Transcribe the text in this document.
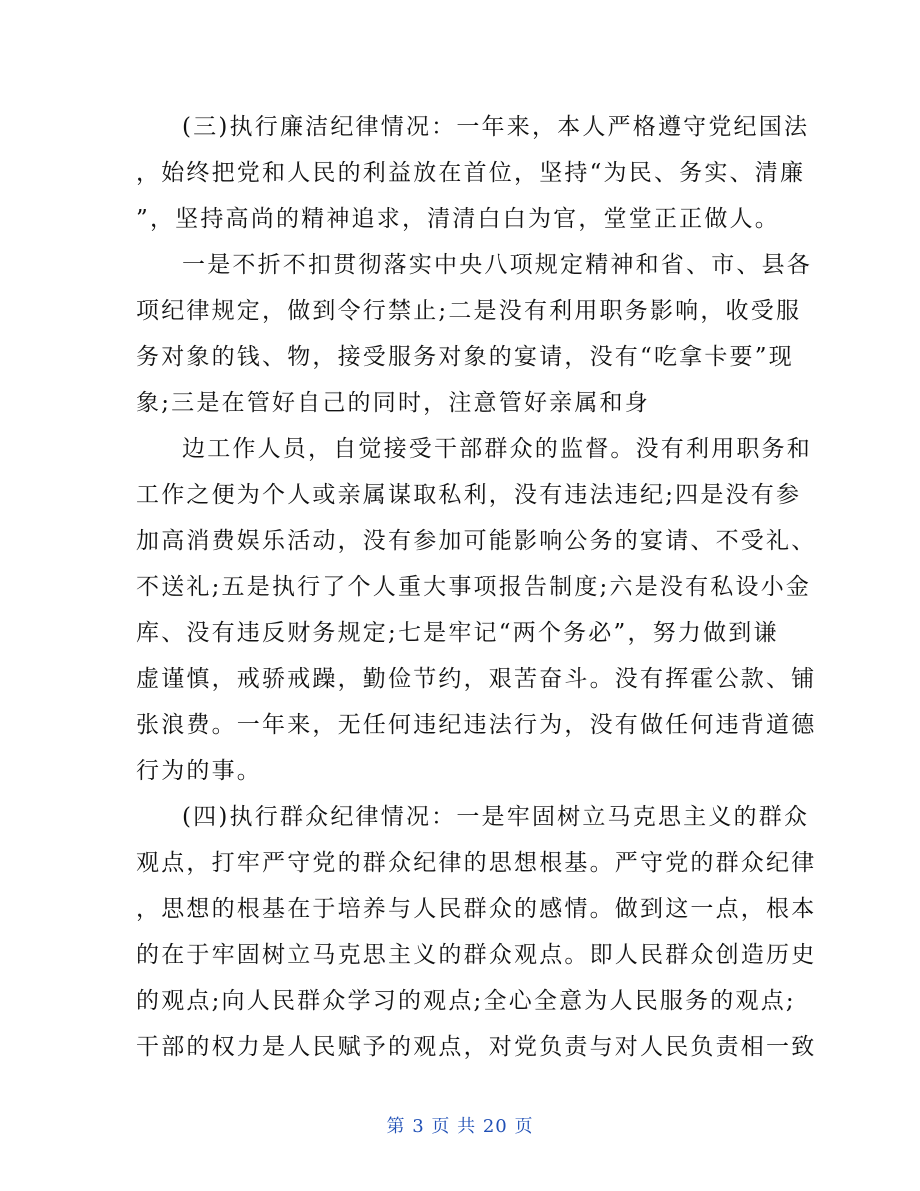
(三)执行廉洁纪律情况：一年来，本人严格遵守党纪国法
，始终把党和人民的利益放在首位，坚持“为民、务实、清廉
”，坚持高尚的精神追求，清清白白为官，堂堂正正做人。
一是不折不扣贯彻落实中央八项规定精神和省、市、县各
项纪律规定，做到令行禁止;二是没有利用职务影响，收受服
务对象的钱、物，接受服务对象的宴请，没有“吃拿卡要”现
象;三是在管好自己的同时，注意管好亲属和身
边工作人员，自觉接受干部群众的监督。没有利用职务和
工作之便为个人或亲属谋取私利，没有违法违纪;四是没有参
加高消费娱乐活动，没有参加可能影响公务的宴请、不受礼、
不送礼;五是执行了个人重大事项报告制度;六是没有私设小金
库、没有违反财务规定;七是牢记“两个务必”，努力做到谦
虚谨慎，戒骄戒躁，勤俭节约，艰苦奋斗。没有挥霍公款、铺
张浪费。一年来，无任何违纪违法行为，没有做任何违背道德
行为的事。
(四)执行群众纪律情况：一是牢固树立马克思主义的群众
观点，打牢严守党的群众纪律的思想根基。严守党的群众纪律
，思想的根基在于培养与人民群众的感情。做到这一点，根本
的在于牢固树立马克思主义的群众观点。即人民群众创造历史
的观点;向人民群众学习的观点;全心全意为人民服务的观点;
干部的权力是人民赋予的观点，对党负责与对人民负责相一致
第 3 页 共 20 页
